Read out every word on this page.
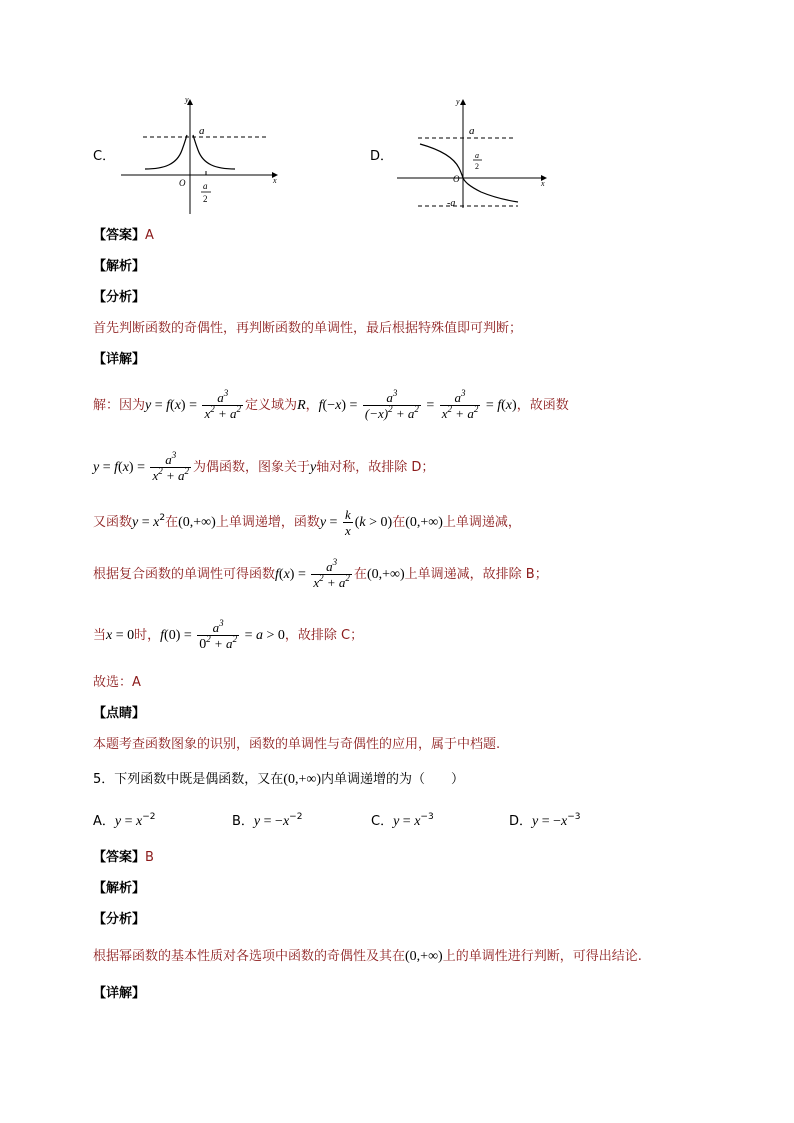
C．
y
a
O	x
a
2
D．
y
a
a
2
O	x
-a
【答案】A
【解析】
【分析】
首先判断函数的奇偶性，再判断函数的单调性，最后根据特殊值即可判断；
【详解】
解：因为$y = f(x) = \frac{a^3}{x^2 + a^2}$ 定义域为R，$f(-x) = \frac{a^3}{(-x)^2 + a^2} = \frac{a^3}{x^2 + a^2} = f(x)$，故函数
$y = f(x) = \frac{a^3}{x^2 + a^2}$ 为偶函数，图象关于y轴对称，故排除 D；
又函数$y = x^2$在(0,+∞)上单调递增，函数$y = \frac{k}{x} (k > 0)$在(0,+∞)上单调递减，
根据复合函数的单调性可得函数$f(x) = \frac{a^3}{x^2 + a^2}$ 在(0,+∞)上单调递减，故排除 B；
当x = 0时，$f(0) = \frac{a^3}{0^2 + a^2} = a > 0$，故排除 C；
故选：A
【点睛】
本题考查函数图象的识别，函数的单调性与奇偶性的应用，属于中档题.
5．下列函数中既是偶函数，又在(0,+∞)内单调递增的为（　　）
A．$y = x^{-2}$	B．$y = -x^{-2}$	C．$y = x^{-3}$	D．$y = -x^{-3}$
【答案】B
【解析】
【分析】
根据幂函数的基本性质对各选项中函数的奇偶性及其在(0,+∞)上的单调性进行判断，可得出结论.
【详解】
